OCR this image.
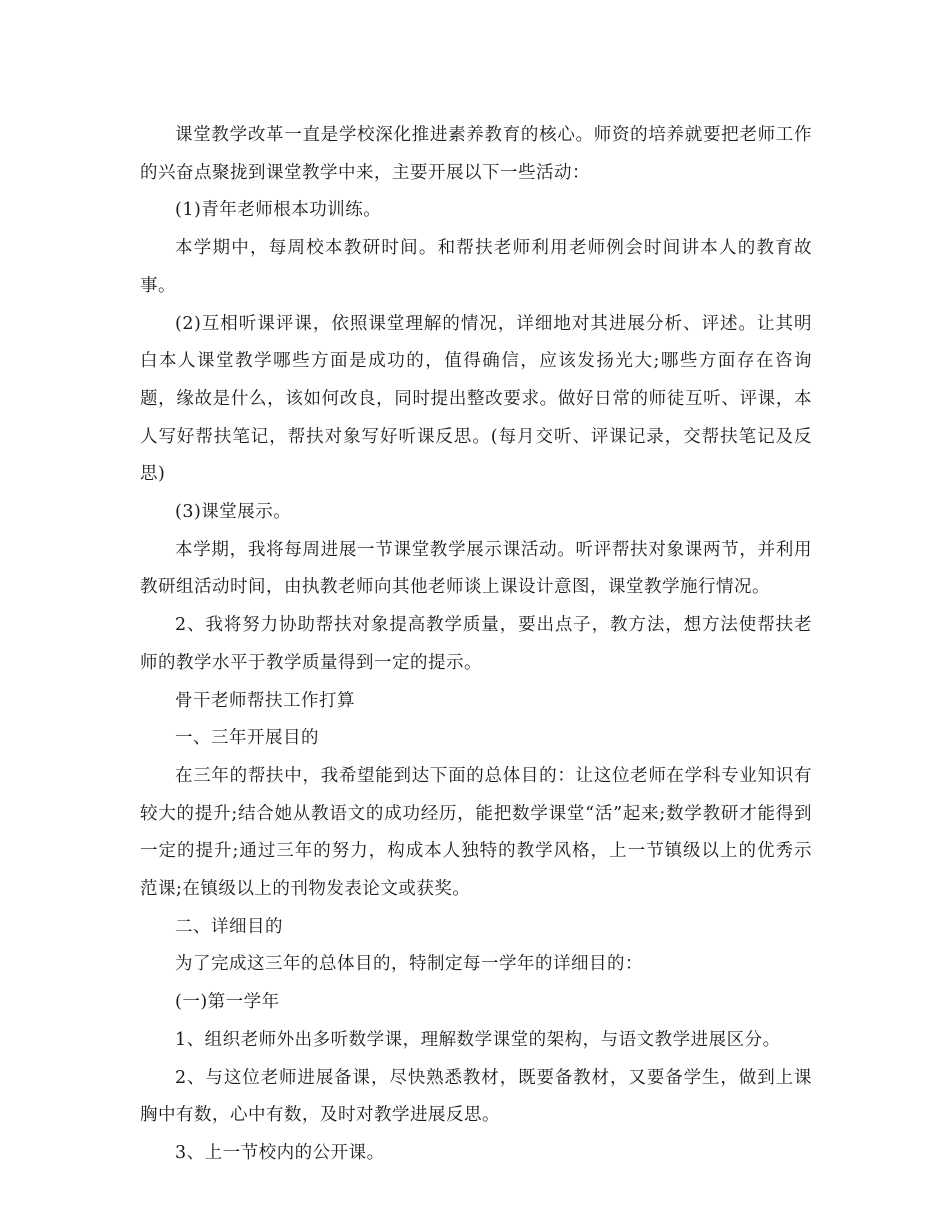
课堂教学改革一直是学校深化推进素养教育的核心。师资的培养就要把老师工作的兴奋点聚拢到课堂教学中来，主要开展以下一些活动：

(1)青年老师根本功训练。

本学期中，每周校本教研时间。和帮扶老师利用老师例会时间讲本人的教育故事。

(2)互相听课评课，依照课堂理解的情况，详细地对其进展分析、评述。让其明白本人课堂教学哪些方面是成功的，值得确信，应该发扬光大;哪些方面存在咨询题，缘故是什么，该如何改良，同时提出整改要求。做好日常的师徒互听、评课，本人写好帮扶笔记，帮扶对象写好听课反思。(每月交听、评课记录，交帮扶笔记及反思)

(3)课堂展示。

本学期，我将每周进展一节课堂教学展示课活动。听评帮扶对象课两节，并利用教研组活动时间，由执教老师向其他老师谈上课设计意图，课堂教学施行情况。

2、我将努力协助帮扶对象提高教学质量，要出点子，教方法，想方法使帮扶老师的教学水平于教学质量得到一定的提示。

骨干老师帮扶工作打算

一、三年开展目的

在三年的帮扶中，我希望能到达下面的总体目的：让这位老师在学科专业知识有较大的提升;结合她从教语文的成功经历，能把数学课堂“活”起来;数学教研才能得到一定的提升;通过三年的努力，构成本人独特的教学风格，上一节镇级以上的优秀示范课;在镇级以上的刊物发表论文或获奖。

二、详细目的

为了完成这三年的总体目的，特制定每一学年的详细目的：

(一)第一学年

1、组织老师外出多听数学课，理解数学课堂的架构，与语文教学进展区分。

2、与这位老师进展备课，尽快熟悉教材，既要备教材，又要备学生，做到上课胸中有数，心中有数，及时对教学进展反思。

3、上一节校内的公开课。
